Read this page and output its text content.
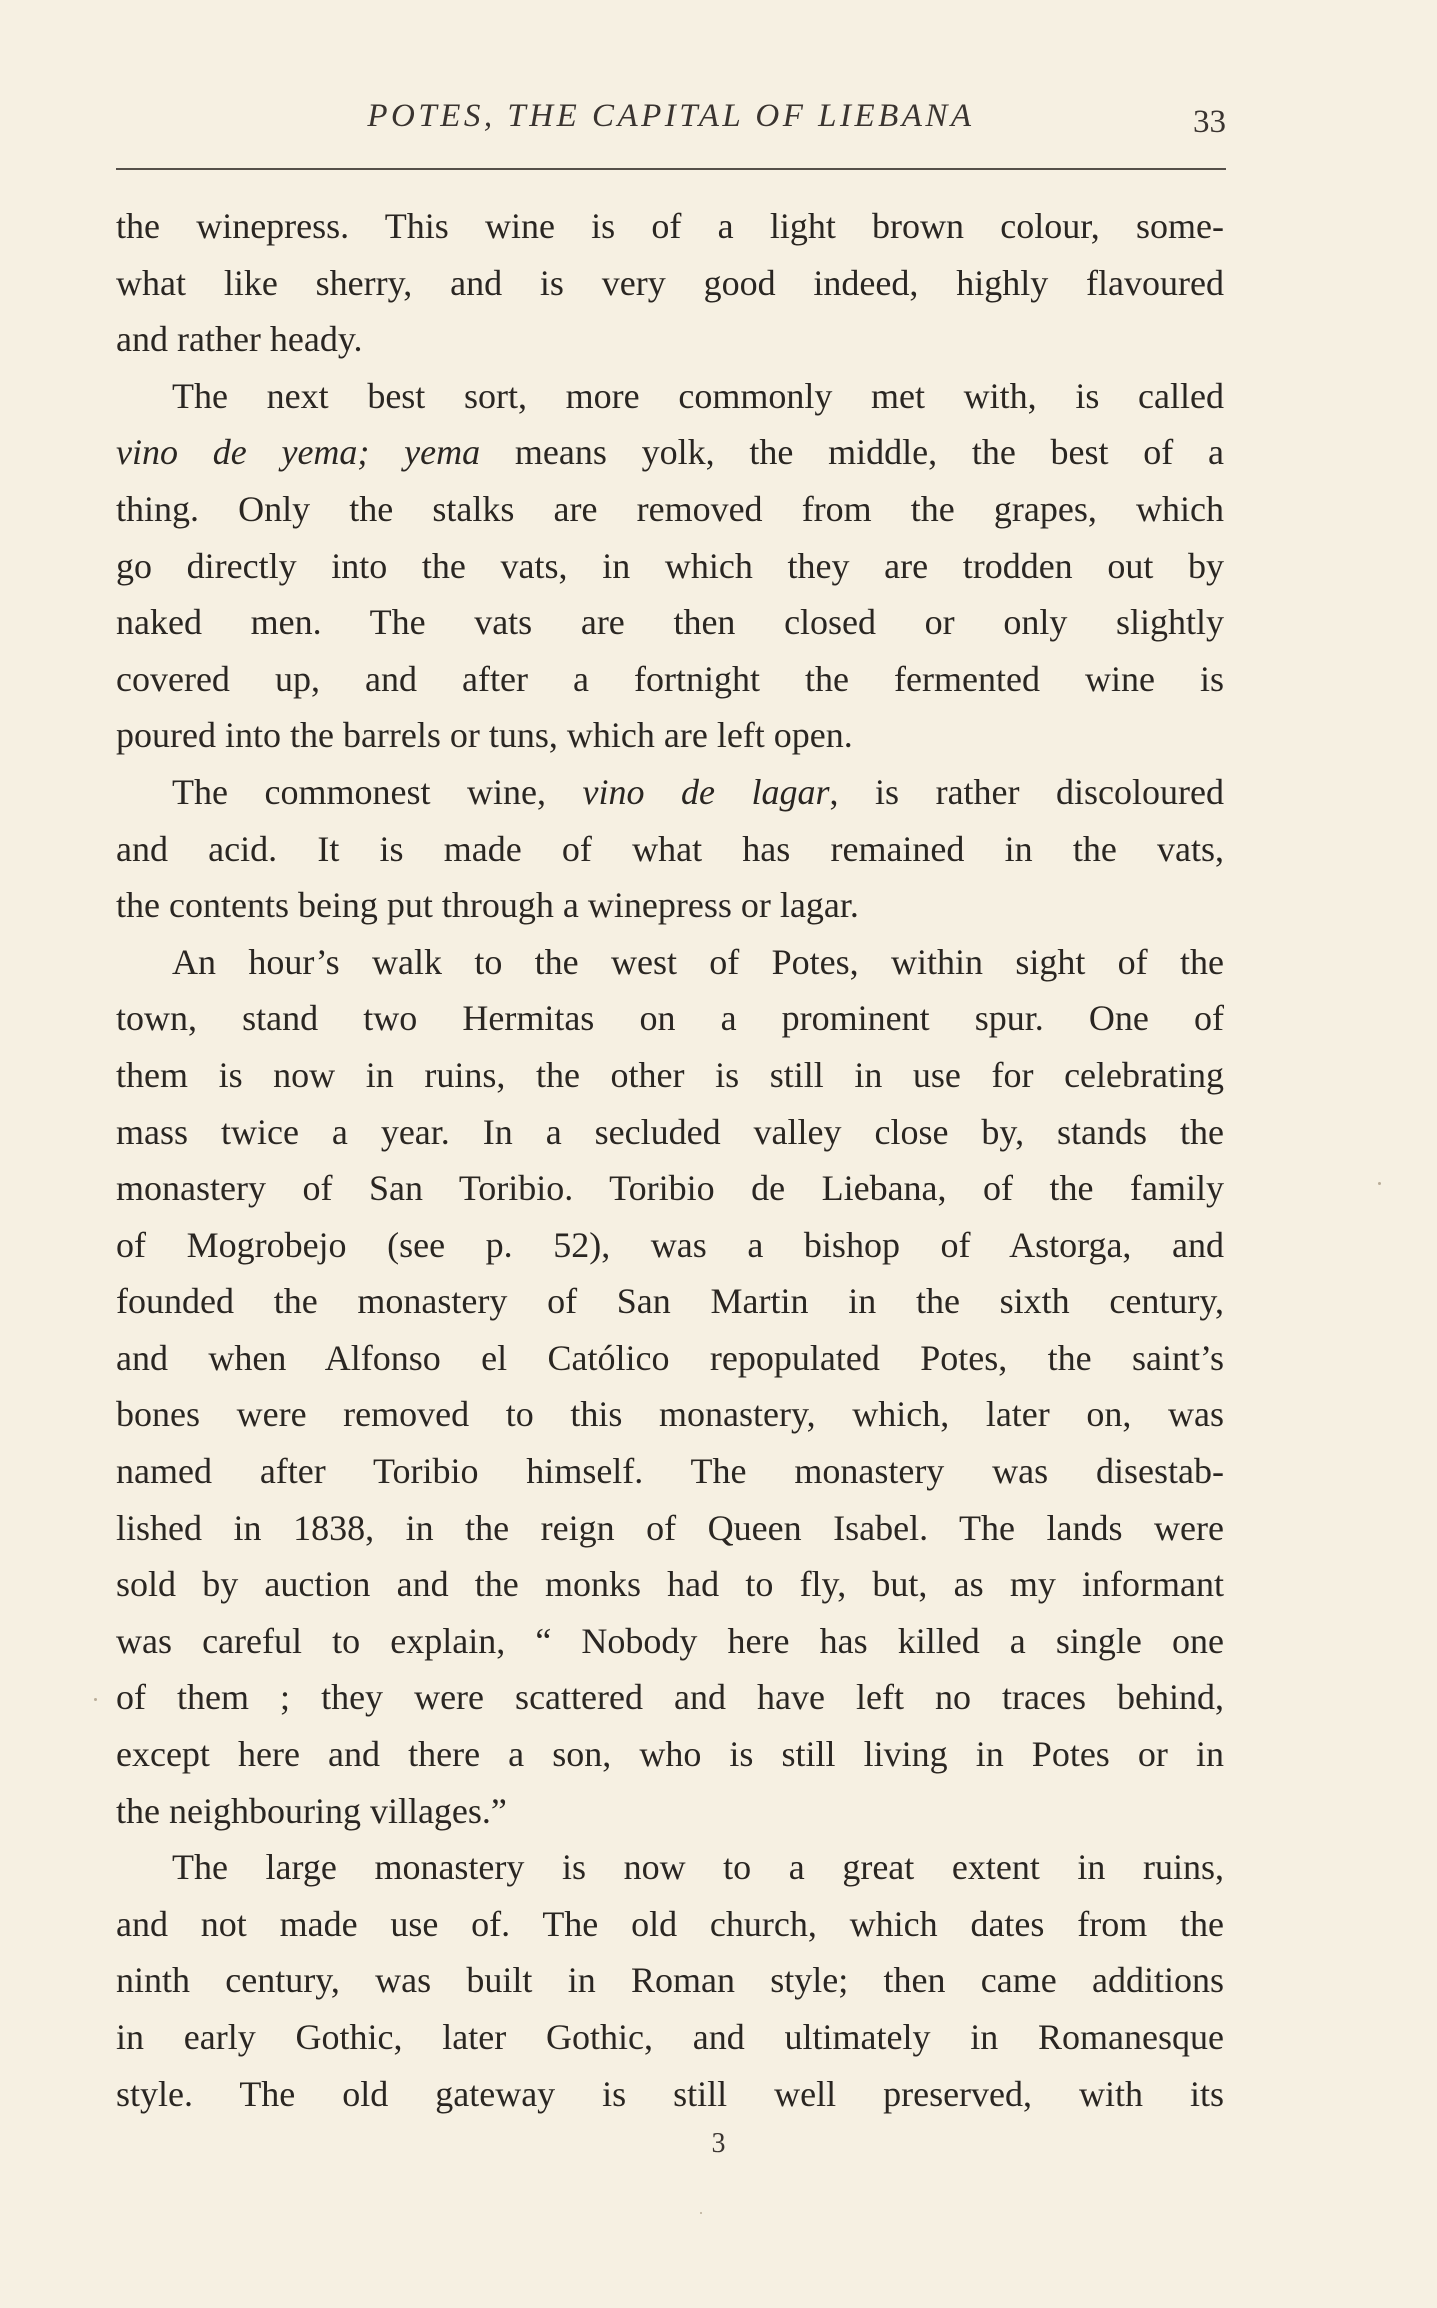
POTES, THE CAPITAL OF LIEBANA	33
the winepress. This wine is of a light brown colour, some-
what like sherry, and is very good indeed, highly flavoured
and rather heady.
The next best sort, more commonly met with, is called
vino de yema; yema means yolk, the middle, the best of a
thing. Only the stalks are removed from the grapes, which
go directly into the vats, in which they are trodden out by
naked men. The vats are then closed or only slightly
covered up, and after a fortnight the fermented wine is
poured into the barrels or tuns, which are left open.
The commonest wine, vino de lagar, is rather discoloured
and acid. It is made of what has remained in the vats,
the contents being put through a winepress or lagar.
An hour’s walk to the west of Potes, within sight of the
town, stand two Hermitas on a prominent spur. One of
them is now in ruins, the other is still in use for celebrating
mass twice a year. In a secluded valley close by, stands the
monastery of San Toribio. Toribio de Liebana, of the family
of Mogrobejo (see p. 52), was a bishop of Astorga, and
founded the monastery of San Martin in the sixth century,
and when Alfonso el Católico repopulated Potes, the saint’s
bones were removed to this monastery, which, later on, was
named after Toribio himself. The monastery was disestab-
lished in 1838, in the reign of Queen Isabel. The lands were
sold by auction and the monks had to fly, but, as my informant
was careful to explain, “ Nobody here has killed a single one
of them ; they were scattered and have left no traces behind,
except here and there a son, who is still living in Potes or in
the neighbouring villages.”
The large monastery is now to a great extent in ruins,
and not made use of. The old church, which dates from the
ninth century, was built in Roman style; then came additions
in early Gothic, later Gothic, and ultimately in Romanesque
style. The old gateway is still well preserved, with its
3
